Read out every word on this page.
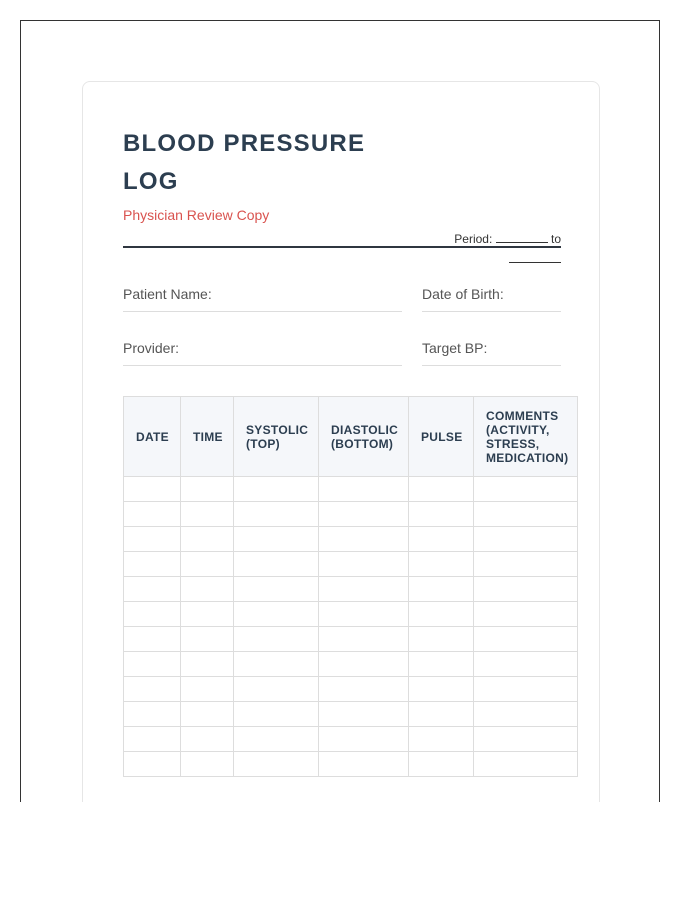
BLOOD PRESSURE LOG
Physician Review Copy
Period:	to

Patient Name:	Date of Birth:
Provider:	Target BP:
DATE	TIME	SYSTOLIC (TOP)	DIASTOLIC (BOTTOM)	PULSE	COMMENTS (ACTIVITY, STRESS, MEDICATION)
